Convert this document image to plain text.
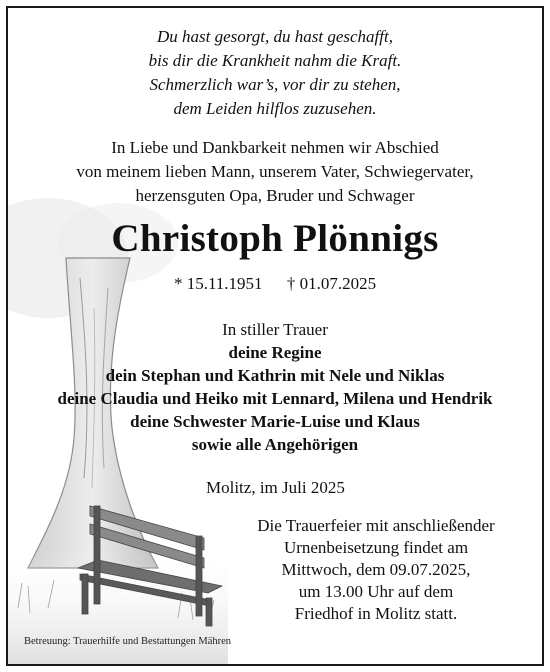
Du hast gesorgt, du hast geschafft,
bis dir die Krankheit nahm die Kraft.
Schmerzlich war’s, vor dir zu stehen,
dem Leiden hilflos zuzusehen.
In Liebe und Dankbarkeit nehmen wir Abschied
von meinem lieben Mann, unserem Vater, Schwiegervater,
herzensguten Opa, Bruder und Schwager
Christoph Plönnigs
* 15.11.1951 † 01.07.2025
In stiller Trauer
deine Regine
dein Stephan und Kathrin mit Nele und Niklas
deine Claudia und Heiko mit Lennard, Milena und Hendrik
deine Schwester Marie-Luise und Klaus
sowie alle Angehörigen
Molitz, im Juli 2025
Die Trauerfeier mit anschließender
Urnenbeisetzung findet am
Mittwoch, dem 09.07.2025,
um 13.00 Uhr auf dem
Friedhof in Molitz statt.
Betreuung: Trauerhilfe und Bestattungen Mähren
